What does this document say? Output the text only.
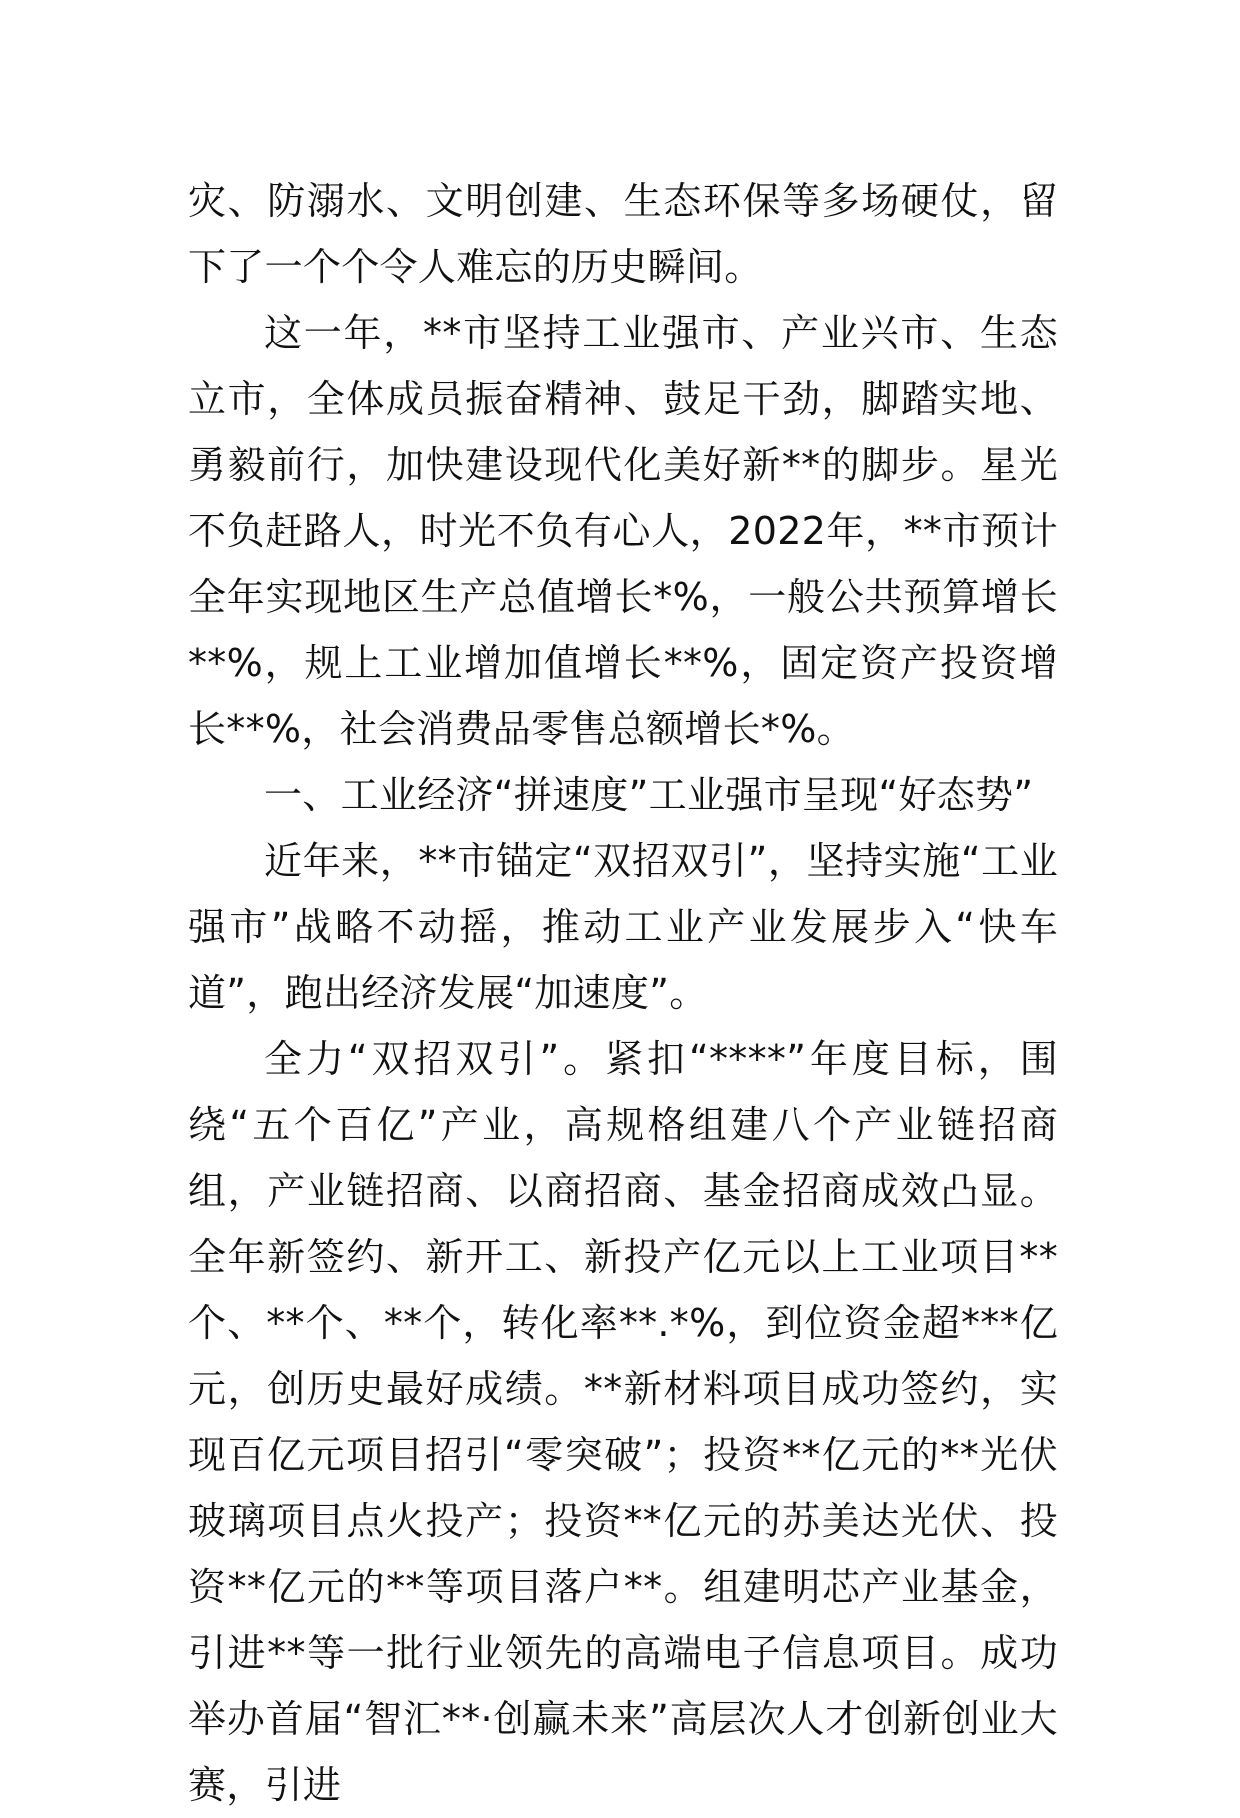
灾、防溺水、文明创建、生态环保等多场硬仗，留下了一个个令人难忘的历史瞬间。

这一年，**市坚持工业强市、产业兴市、生态立市，全体成员振奋精神、鼓足干劲，脚踏实地、勇毅前行，加快建设现代化美好新**的脚步。星光不负赶路人，时光不负有心人，2022年，**市预计全年实现地区生产总值增长*%，一般公共预算增长**%，规上工业增加值增长**%，固定资产投资增长**%，社会消费品零售总额增长*%。

一、工业经济“拼速度”工业强市呈现“好态势”

近年来，**市锚定“双招双引”，坚持实施“工业强市”战略不动摇，推动工业产业发展步入“快车道”，跑出经济发展“加速度”。

全力“双招双引”。紧扣“****”年度目标，围绕“五个百亿”产业，高规格组建八个产业链招商组，产业链招商、以商招商、基金招商成效凸显。全年新签约、新开工、新投产亿元以上工业项目**个、**个、**个，转化率**.*%，到位资金超***亿元，创历史最好成绩。**新材料项目成功签约，实现百亿元项目招引“零突破”；投资**亿元的**光伏玻璃项目点火投产；投资**亿元的苏美达光伏、投资**亿元的**等项目落户**。组建明芯产业基金，引进**等一批行业领先的高端电子信息项目。成功举办首届“智汇**·创赢未来”高层次人才创新创业大赛，引进
